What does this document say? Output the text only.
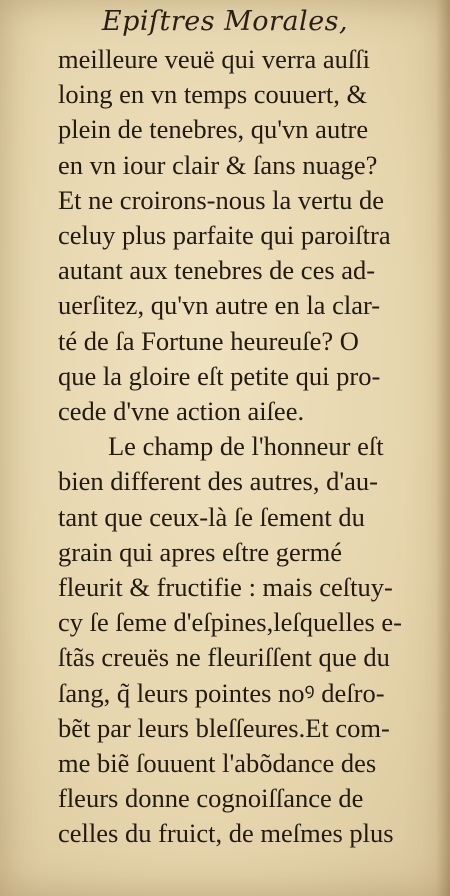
Epiſtres Morales,
meilleure veuë qui verra auſſi
loing en vn temps couuert, &
plein de tenebres, qu'vn autre
en vn iour clair & ſans nuage?
Et ne croirons-nous la vertu de
celuy plus parfaite qui paroiſtra
autant aux tenebres de ces ad-
uerſitez, qu'vn autre en la clar-
té de ſa Fortune heureuſe? O
que la gloire eſt petite qui pro-
cede d'vne action aiſee.
Le champ de l'honneur eſt
bien different des autres, d'au-
tant que ceux-là ſe ſement du
grain qui apres eſtre germé
fleurit & fructifie : mais ceſtuy-
cy ſe ſeme d'eſpines,leſquelles e-
ſtãs creuës ne fleuriſſent que du
ſang, q̃ leurs pointes noꝰ deſro-
bẽt par leurs bleſſeures.Et com-
me biẽ ſouuent l'abõdance des
fleurs donne cognoiſſance de
celles du fruict, de meſmes plus
